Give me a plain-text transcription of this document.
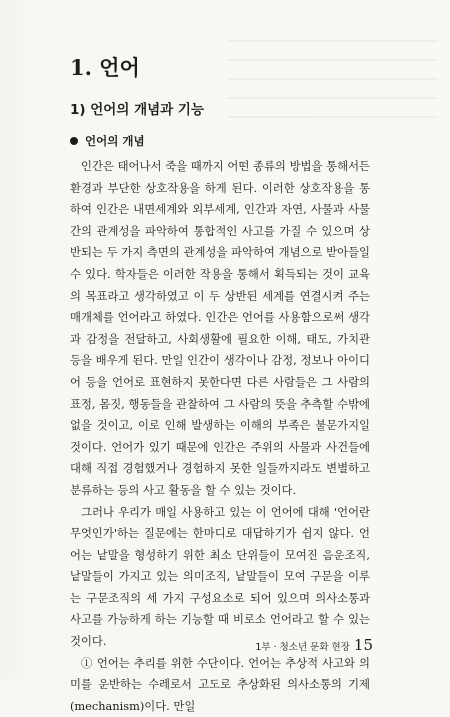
1. 언어
1) 언어의 개념과 기능
언어의 개념

인간은 태어나서 죽을 때까지 어떤 종류의 방법을 통해서든 환경과 부단한 상호작용을 하게 된다. 이러한 상호작용을 통하여 인간은 내면세계와 외부세계, 인간과 자연, 사물과 사물간의 관계성을 파악하여 통합적인 사고를 가질 수 있으며 상반되는 두 가지 측면의 관계성을 파악하여 개념으로 받아들일 수 있다. 학자들은 이러한 작용을 통해서 획득되는 것이 교육의 목표라고 생각하였고 이 두 상반된 세계를 연결시켜 주는 매개체를 언어라고 하였다. 인간은 언어를 사용함으로써 생각과 감정을 전달하고, 사회생활에 필요한 이해, 태도, 가치관 등을 배우게 된다. 만일 인간이 생각이나 감정, 정보나 아이디어 등을 언어로 표현하지 못한다면 다른 사람들은 그 사람의 표정, 몸짓, 행동들을 관찰하여 그 사람의 뜻을 추측할 수밖에 없을 것이고, 이로 인해 발생하는 이해의 부족은 불문가지일 것이다. 언어가 있기 때문에 인간은 주위의 사물과 사건들에 대해 직접 경험했거나 경험하지 못한 일들까지라도 변별하고 분류하는 등의 사고 활동을 할 수 있는 것이다.

그러나 우리가 매일 사용하고 있는 이 언어에 대해 '언어란 무엇인가'하는 질문에는 한마디로 대답하기가 쉽지 않다. 언어는 낱말을 형성하기 위한 최소 단위들이 모여진 음운조직, 낱말들이 가지고 있는 의미조직, 낱말들이 모여 구문을 이루는 구문조직의 세 가지 구성요소로 되어 있으며 의사소통과 사고를 가능하게 하는 기능할 때 비로소 언어라고 할 수 있는 것이다.

① 언어는 추리를 위한 수단이다. 언어는 추상적 사고와 의미를 운반하는 수레로서 고도로 추상화된 의사소통의 기제(mechanism)이다. 만일

1부 · 청소년 문화 현장 15
